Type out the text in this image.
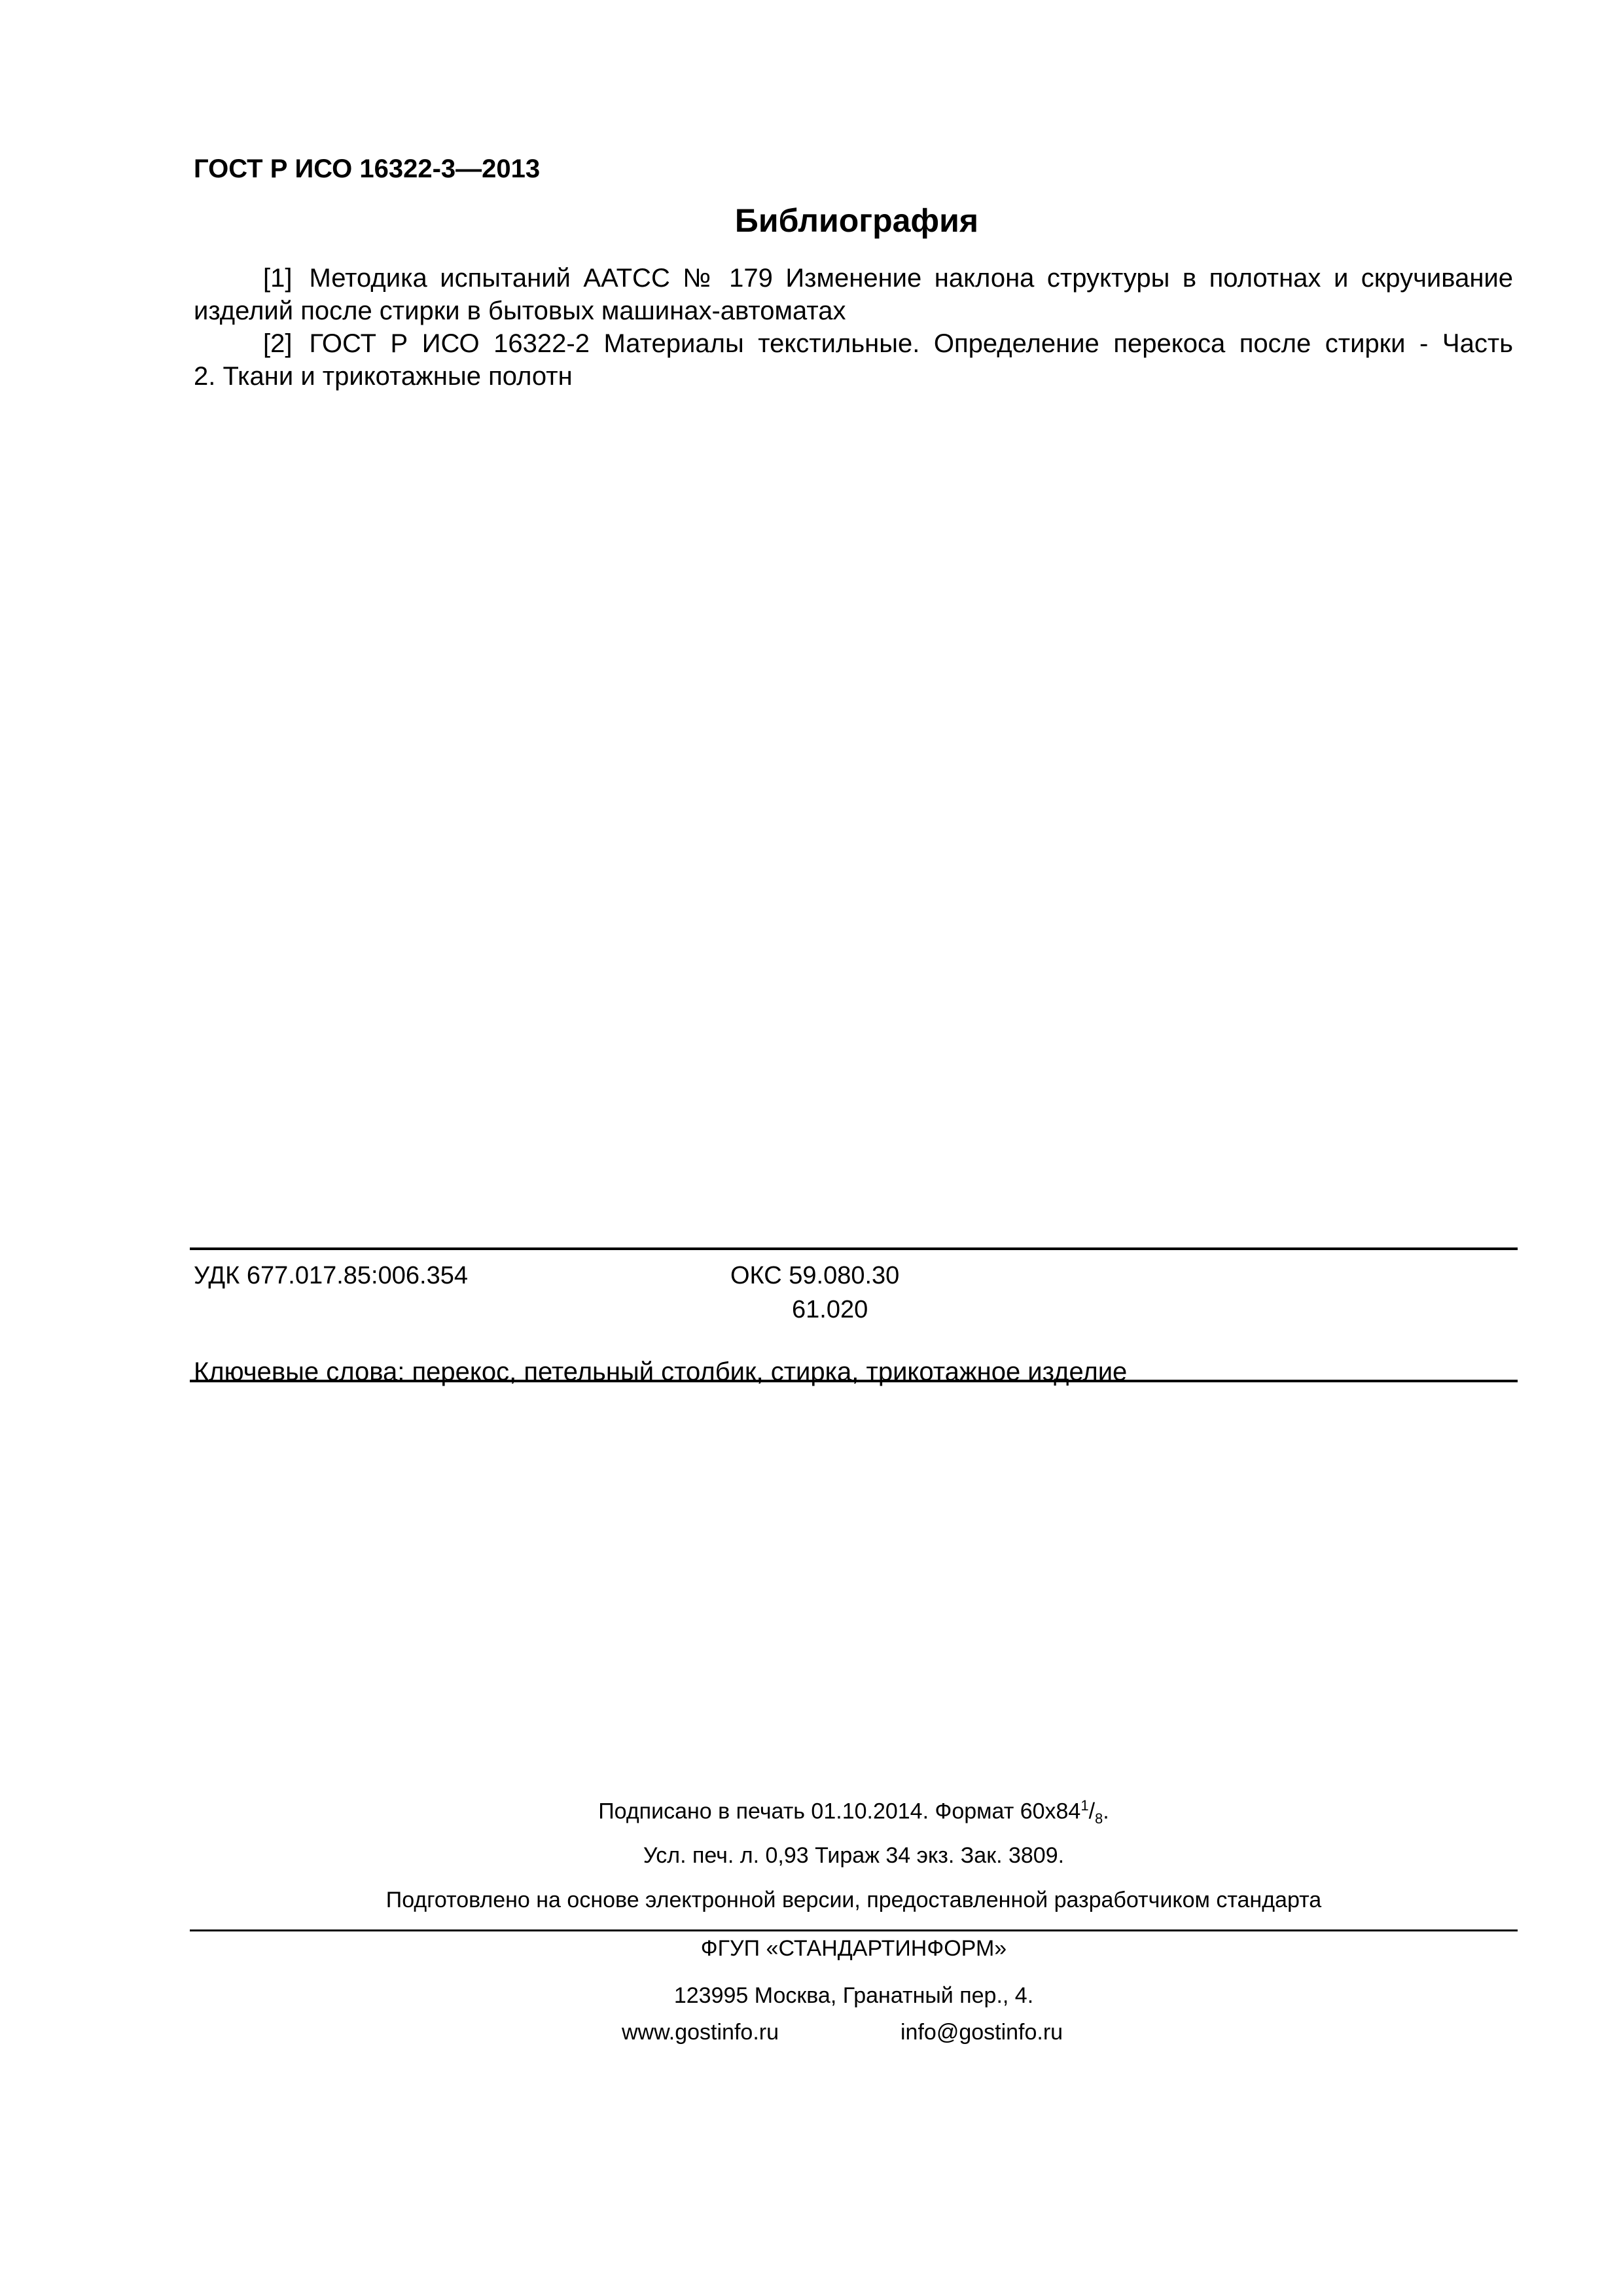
ГОСТ Р ИСО 16322-3—2013
Библиография
[1] Методика испытаний ААТСС № 179 Изменение наклона структуры в полотнах и скручивание
изделий после стирки в бытовых машинах-автоматах
[2] ГОСТ Р ИСО 16322-2 Материалы текстильные. Определение перекоса после стирки - Часть
2. Ткани и трикотажные полотн
УДК 677.017.85:006.354	ОКС 59.080.30
61.020
Ключевые слова: перекос, петельный столбик, стирка, трикотажное изделие
Подписано в печать 01.10.2014. Формат $60х84^1/_8$.
Усл. печ. л. 0,93 Тираж 34 экз. Зак. 3809.
Подготовлено на основе электронной версии, предоставленной разработчиком стандарта
ФГУП «СТАНДАРТИНФОРМ»
123995 Москва, Гранатный пер., 4.
www.gostinfo.ru	info@gostinfo.ru
